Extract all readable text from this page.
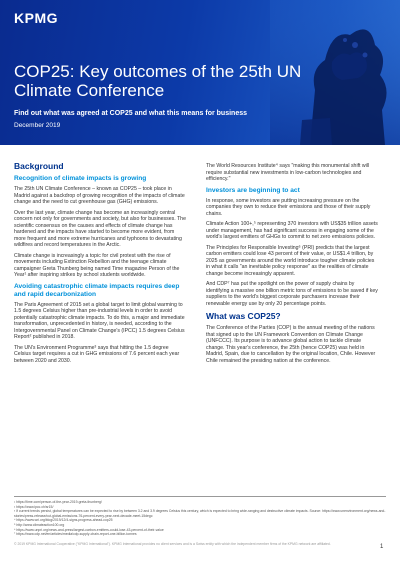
KPMG
COP25: Key outcomes of the 25th UN Climate Conference

Find out what was agreed at COP25 and what this means for business

December 2019
Background
Recognition of climate impacts is growing

The 25th UN Climate Conference – known as COP25 – took place in Madrid against a backdrop of growing recognition of the impacts of climate change and the need to cut greenhouse gas (GHG) emissions.

Over the last year, climate change has become an increasingly central concern not only for governments and society, but also for businesses. The scientific consensus on the causes and effects of climate change has hardened and the impacts have started to become more evident, from more frequent and more extreme hurricanes and typhoons to devastating wildfires and record temperatures in the Arctic.

Climate change is increasingly a topic for civil protest with the rise of movements including Extinction Rebellion and the teenage climate campaigner Greta Thunberg being named Time magazine Person of the Year¹ after inspiring strikes by school students worldwide.

Avoiding catastrophic climate impacts requires deep and rapid decarbonization

The Paris Agreement of 2015 set a global target to limit global warming to 1.5 degrees Celsius higher than pre-industrial levels in order to avoid potentially catastrophic climate impacts. To do this, a major and immediate transformation, unprecedented in history, is needed, according to the Intergovernmental Panel on Climate Change's (IPCC) 1.5 degrees Celsius Report² published in 2018.

The UN's Environment Programme³ says that hitting the 1.5 degree Celsius target requires a cut in GHG emissions of 7.6 percent each year between 2020 and 2030.

The World Resources Institute⁴ says "making this monumental shift will require substantial new investments in low-carbon technologies and efficiency."

Investors are beginning to act

In response, some investors are putting increasing pressure on the companies they own to reduce their emissions and those of their supply chains.

Climate Action 100+,⁵ representing 370 investors with US$35 trillion assets under management, has had significant success in engaging some of the world's largest emitters of GHGs to commit to net zero emissions policies.

The Principles for Responsible Investing⁶ (PRI) predicts that the largest carbon emitters could lose 43 percent of their value, or US$1.4 trillion, by 2025 as governments around the world introduce tougher climate policies in what it calls "an inevitable policy response" as the realities of climate change become increasingly apparent.

And CDP⁷ has put the spotlight on the power of supply chains by identifying a massive one billion metric tons of emissions to be saved if key suppliers to the world's biggest corporate purchasers increase their renewable energy use by only 20 percentage points.

What was COP25?

The Conference of the Parties (COP) is the annual meeting of the nations that signed up to the UN Framework Convention on Climate Change (UNFCCC). Its purpose is to advance global action to tackle climate change. This year's conference, the 25th (hence COP25) was held in Madrid, Spain, due to cancellation by the original location, Chile. However Chile remained the presiding nation at the conference.

¹ https://time.com/person-of-the-year-2019-greta-thunberg/

² https://www.ipcc.ch/sr15/

³ If current trends persist, global temperatures can be expected to rise by between 3.2 and 3.9 degrees Celsius this century, which is expected to bring wide-ranging and destructive climate impacts. Source: https://www.unenvironment.org/news-and-stories/press-release/cut-global-emissions-76-percent-every-year-next-decade-meet-15degc

⁴ https://www.wri.org/blog/2019/12/4-signs-progress-ahead-cop25

⁵ http://www.climateaction100.org

⁶ https://www.unpri.org/news-and-press/largest-carbon-emitters-could-lose-43-percent-of-their-value

⁷ https://www.cdp.net/en/articles/media/cdp-supply-chain-report-one-billion-tonnes

© 2019 KPMG International Cooperative ("KPMG International"). KPMG International provides no client services and is a Swiss entity with which the independent member firms of the KPMG network are affiliated.	1
